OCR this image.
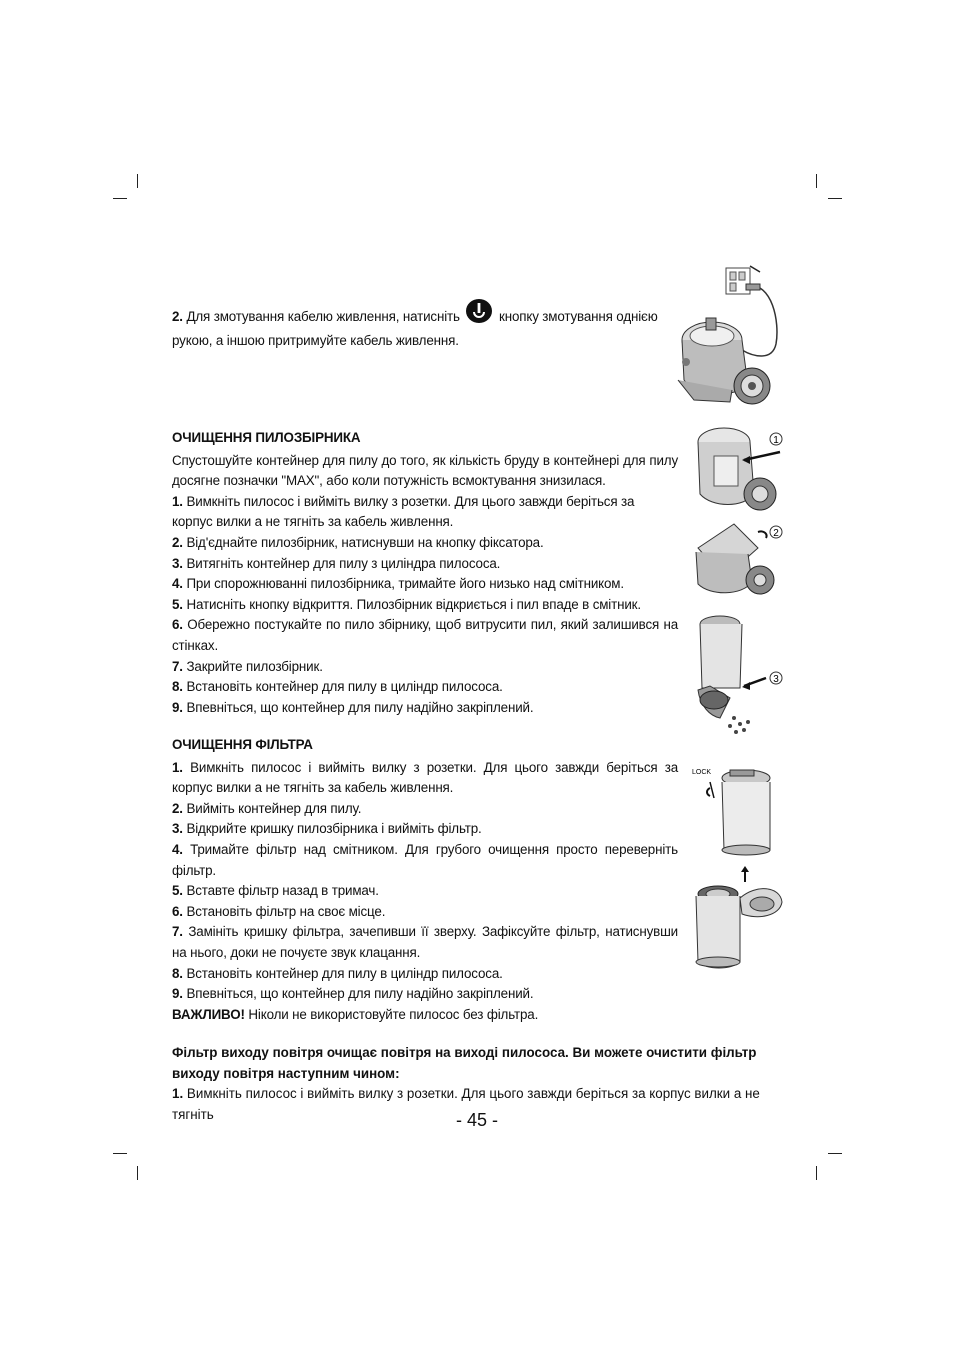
2. Для змотування кабелю живлення, натисніть	кнопку змотування однією рукою, а іншою притримуйте кабель живлення.

ОЧИЩЕННЯ ПИЛОЗБІРНИКА

Спустошуйте контейнер для пилу до того, як кількість бруду в контейнері для пилу досягне позначки "MAX", або коли потужність всмоктування знизилася.

1. Вимкніть пилосос і вийміть вилку з розетки. Для цього завжди беріться за корпус вилки а не тягніть за кабель живлення.

2. Від'єднайте пилозбірник, натиснувши на кнопку фіксатора.

3. Витягніть контейнер для пилу з циліндра пилососа.

4. При спорожнюванні пилозбірника, тримайте його низько над смітником.

5. Натисніть кнопку відкриття. Пилозбірник відкриється і пил впаде в смітник.

6. Обережно постукайте по пило збірнику, щоб витрусити пил, який залишився на стінках.

7. Закрийте пилозбірник.

8. Встановіть контейнер для пилу в циліндр пилососа.

9. Впевніться, що контейнер для пилу надійно закріплений.

1
2
3

ОЧИЩЕННЯ ФІЛЬТРА

1. Вимкніть пилосос і вийміть вилку з розетки. Для цього завжди беріться за корпус вилки а не тягніть за кабель живлення.

2. Вийміть контейнер для пилу.

3. Відкрийте кришку пилозбірника і вийміть фільтр.

4. Тримайте фільтр над смітником. Для грубого очищення просто переверніть фільтр.

5. Вставте фільтр назад в тримач.

6. Встановіть фільтр на своє місце.

7. Замініть кришку фільтра, зачепивши її зверху. Зафіксуйте фільтр, натиснувши на нього, доки не почуєте звук клацання.

8. Встановіть контейнер для пилу в циліндр пилососа.

9. Впевніться, що контейнер для пилу надійно закріплений.

ВАЖЛИВО! Ніколи не використовуйте пилосос без фільтра.

LOCK

Фільтр виходу повітря очищає повітря на виході пилососа. Ви можете очистити фільтр виходу повітря наступним чином:

1. Вимкніть пилосос і вийміть вилку з розетки. Для цього завжди беріться за корпус вилки а не тягніть	- 45 -
